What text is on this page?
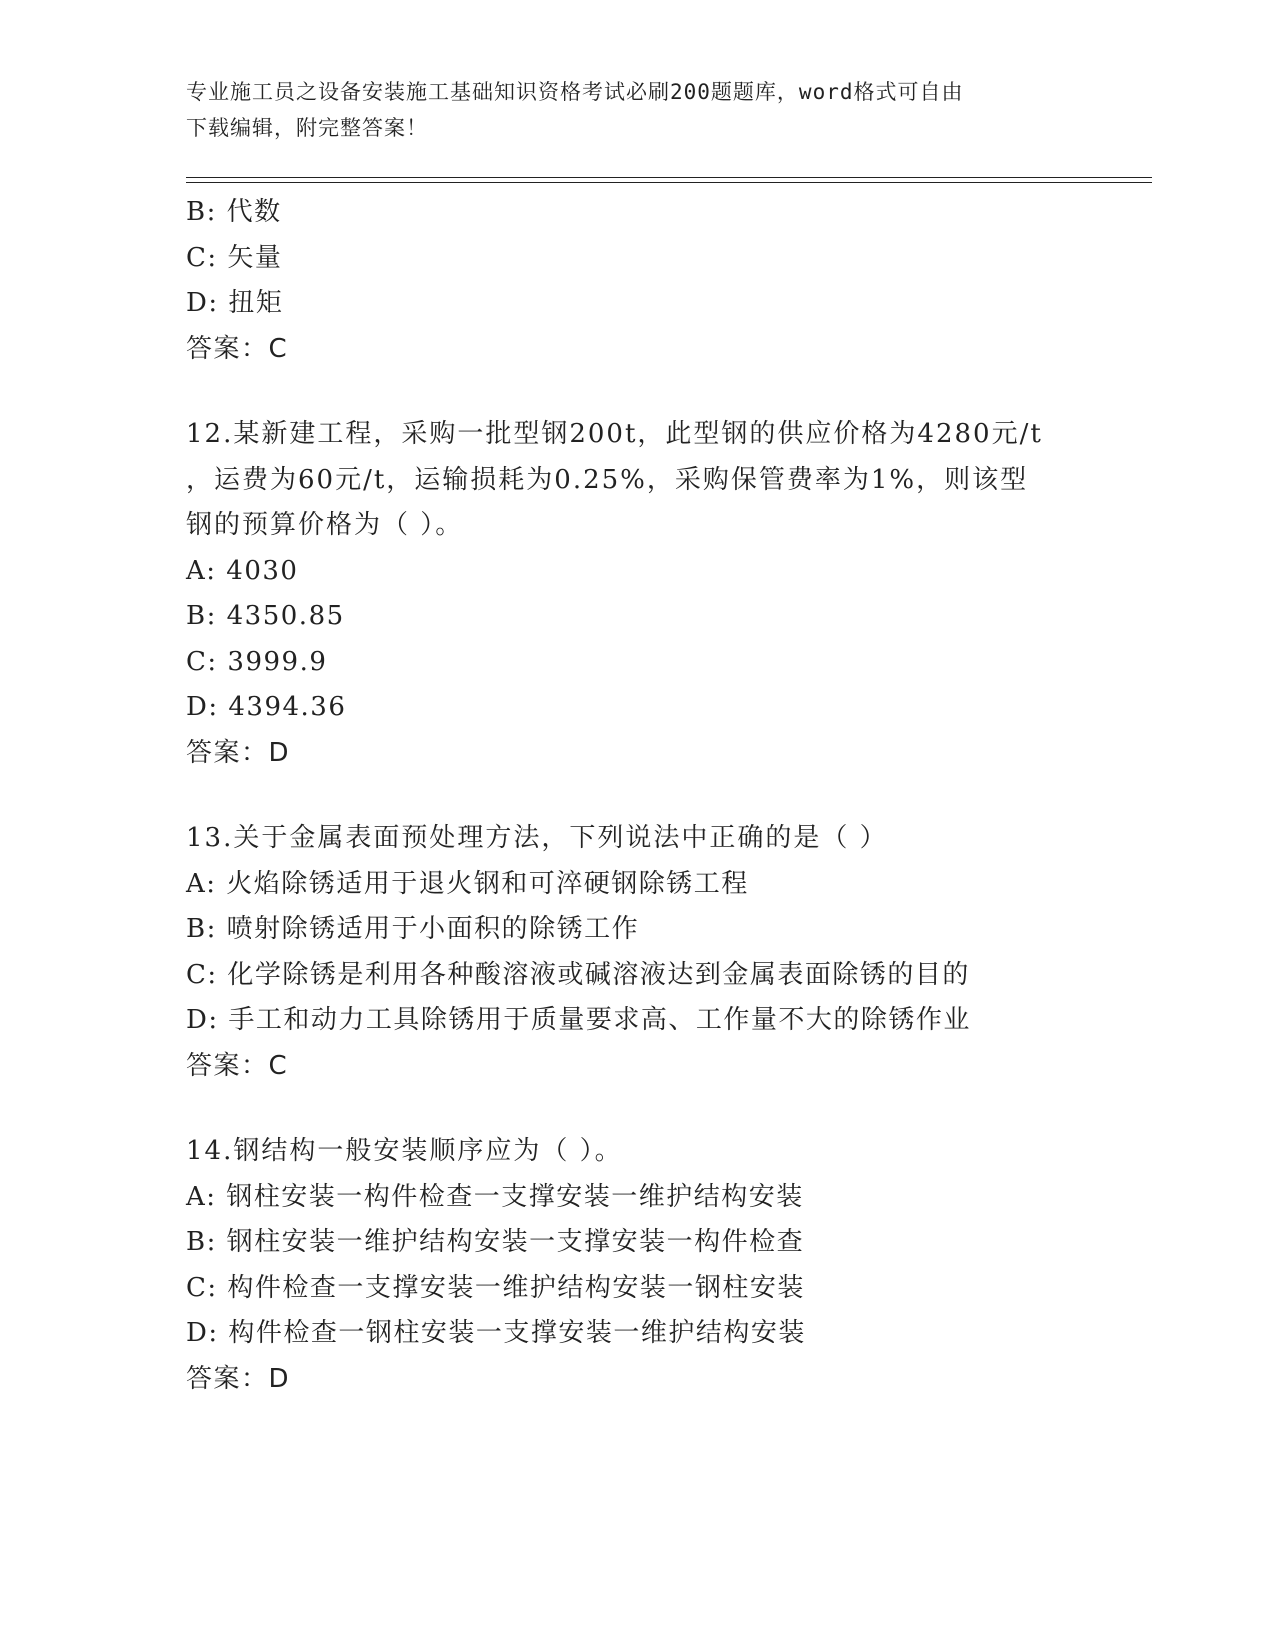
专业施工员之设备安装施工基础知识资格考试必刷200题题库，word格式可自由
下载编辑，附完整答案！
B: 代数
C: 矢量
D: 扭矩
答案：C
12.某新建工程，采购一批型钢200t，此型钢的供应价格为4280元/t
，运费为60元/t，运输损耗为0.25%，采购保管费率为1%，则该型
钢的预算价格为（ ）。
A: 4030
B: 4350.85
C: 3999.9
D: 4394.36
答案：D
13.关于金属表面预处理方法，下列说法中正确的是（ ）
A: 火焰除锈适用于退火钢和可淬硬钢除锈工程
B: 喷射除锈适用于小面积的除锈工作
C: 化学除锈是利用各种酸溶液或碱溶液达到金属表面除锈的目的
D: 手工和动力工具除锈用于质量要求高、工作量不大的除锈作业
答案：C
14.钢结构一般安装顺序应为（ ）。
A: 钢柱安装一构件检查一支撑安装一维护结构安装
B: 钢柱安装一维护结构安装一支撑安装一构件检查
C: 构件检查一支撑安装一维护结构安装一钢柱安装
D: 构件检查一钢柱安装一支撑安装一维护结构安装
答案：D
